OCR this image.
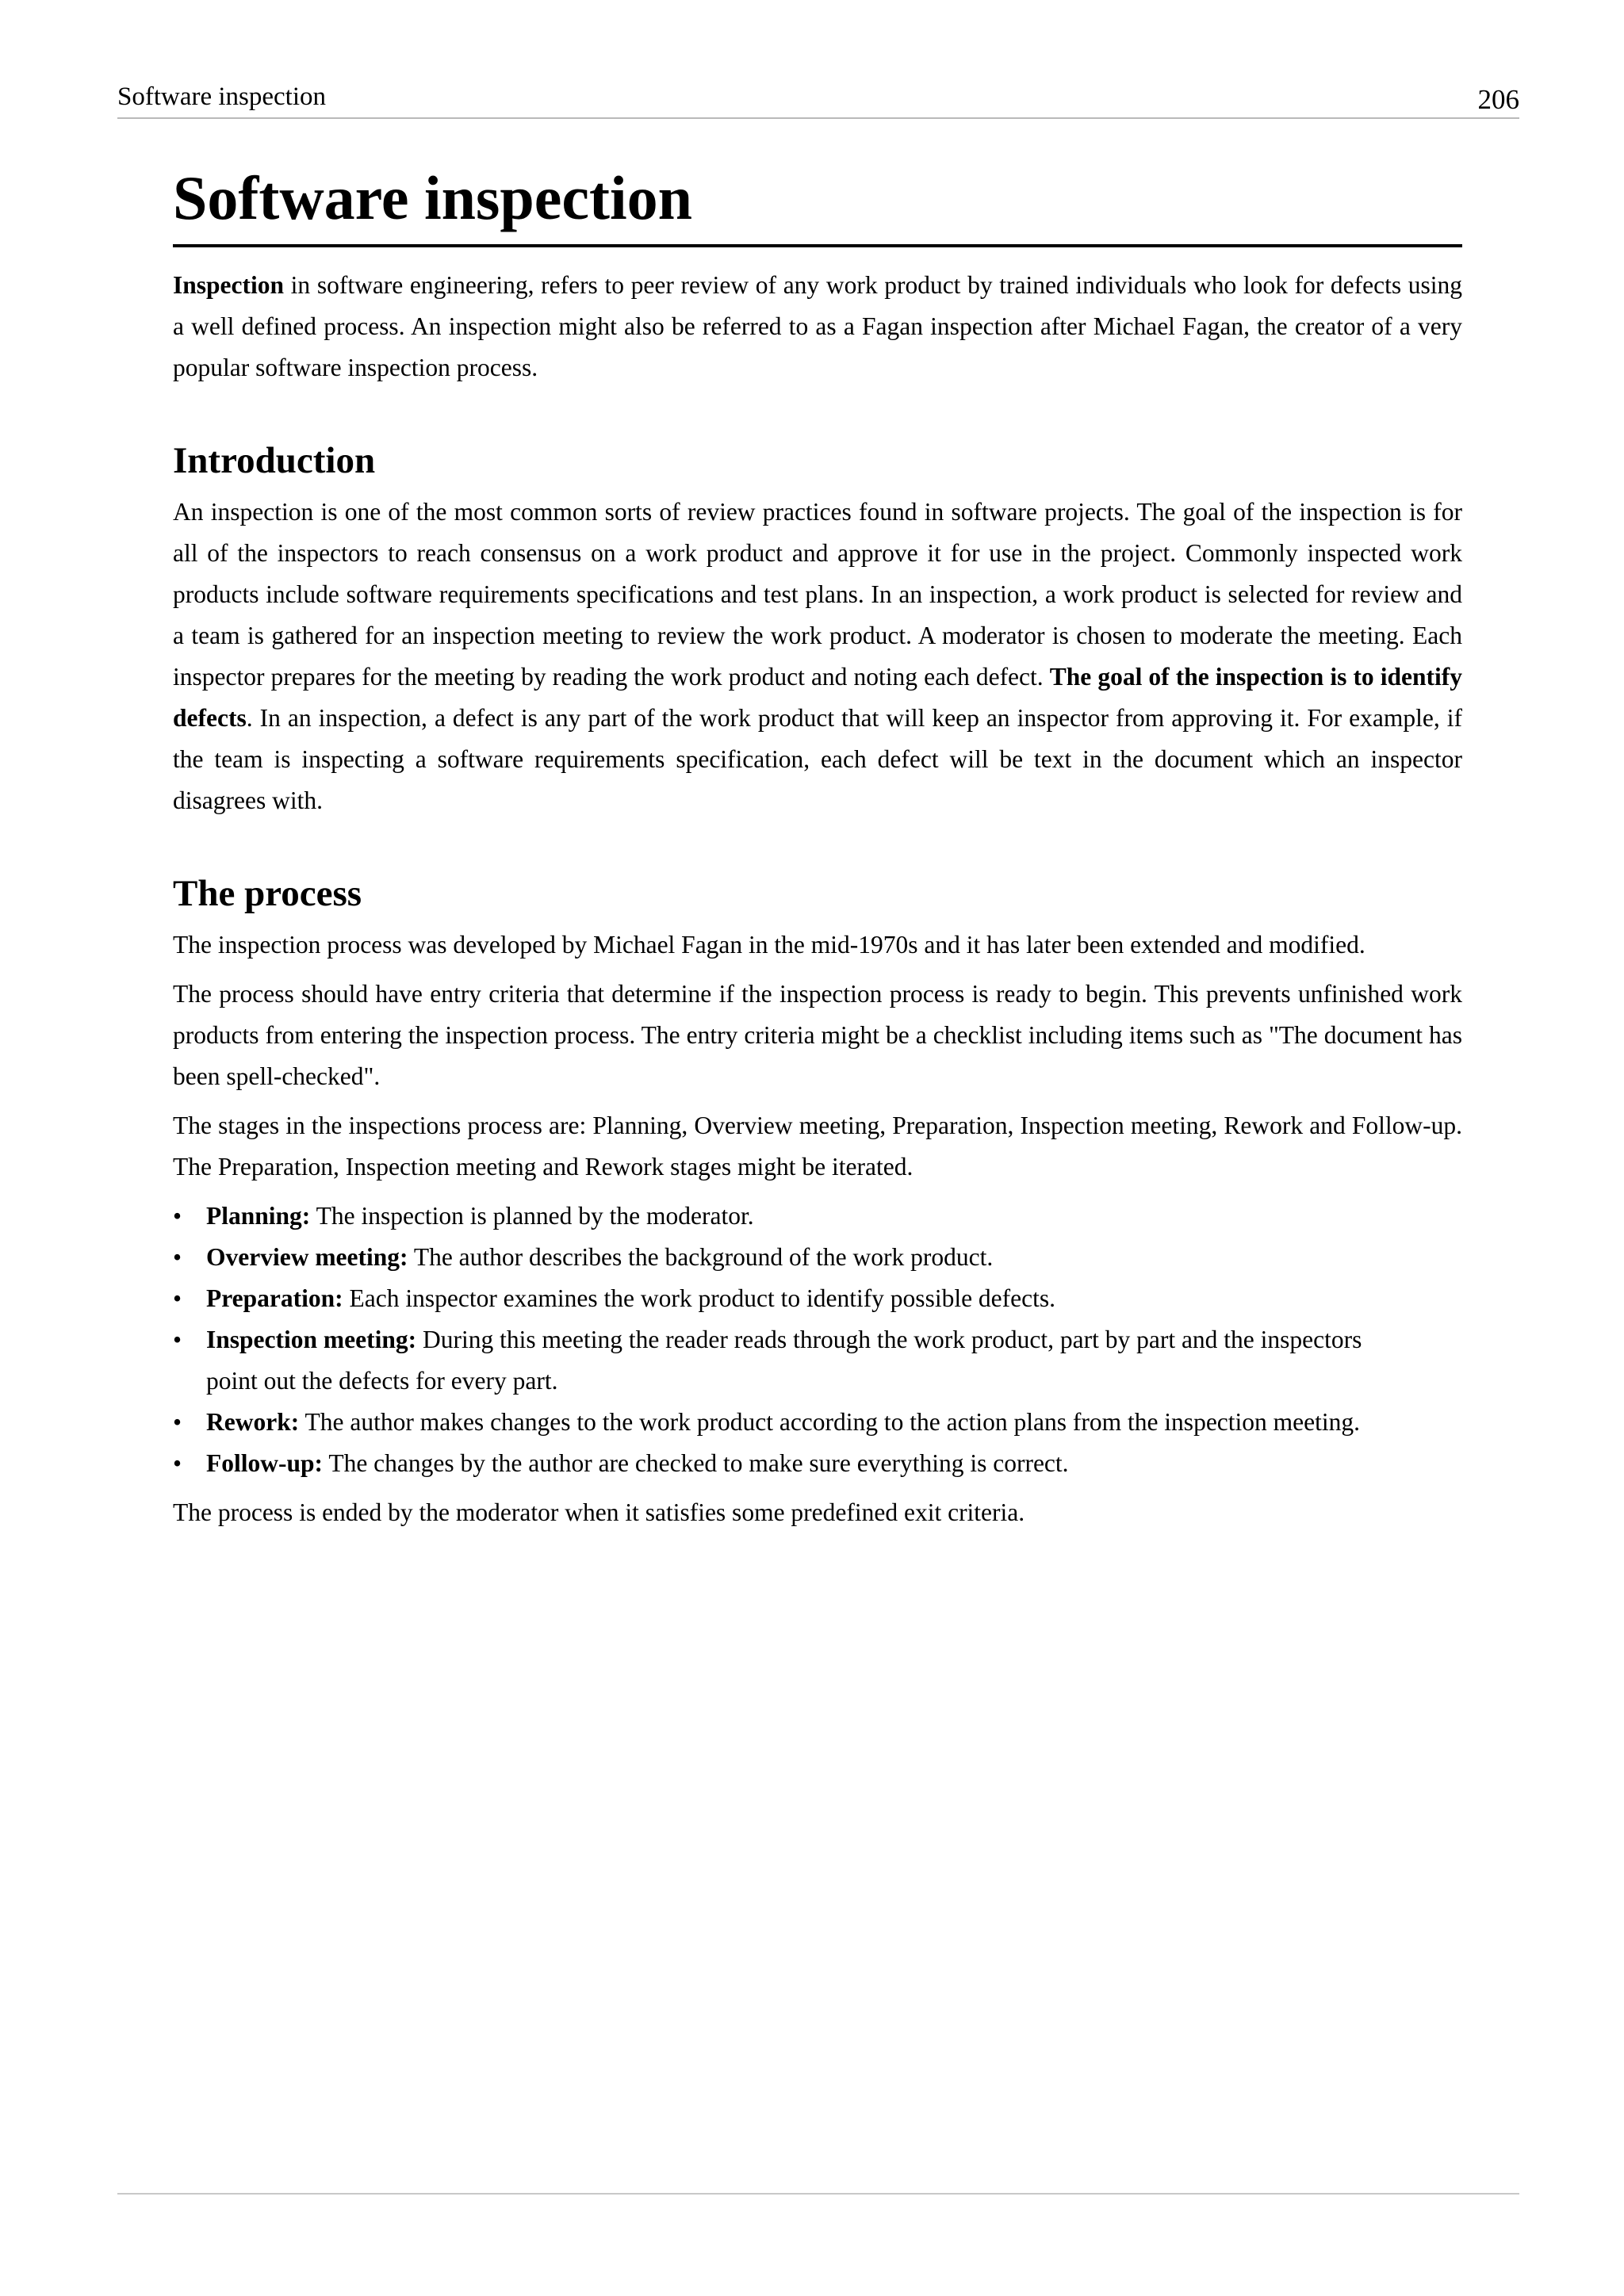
Software inspection	206
Software inspection

Inspection in software engineering, refers to peer review of any work product by trained individuals who look for defects using a well defined process. An inspection might also be referred to as a Fagan inspection after Michael Fagan, the creator of a very popular software inspection process.

Introduction

An inspection is one of the most common sorts of review practices found in software projects. The goal of the inspection is for all of the inspectors to reach consensus on a work product and approve it for use in the project. Commonly inspected work products include software requirements specifications and test plans. In an inspection, a work product is selected for review and a team is gathered for an inspection meeting to review the work product. A moderator is chosen to moderate the meeting. Each inspector prepares for the meeting by reading the work product and noting each defect. The goal of the inspection is to identify defects. In an inspection, a defect is any part of the work product that will keep an inspector from approving it. For example, if the team is inspecting a software requirements specification, each defect will be text in the document which an inspector disagrees with.

The process

The inspection process was developed by Michael Fagan in the mid-1970s and it has later been extended and modified.

The process should have entry criteria that determine if the inspection process is ready to begin. This prevents unfinished work products from entering the inspection process. The entry criteria might be a checklist including items such as "The document has been spell-checked".

The stages in the inspections process are: Planning, Overview meeting, Preparation, Inspection meeting, Rework and Follow-up. The Preparation, Inspection meeting and Rework stages might be iterated.

• Planning: The inspection is planned by the moderator.
• Overview meeting: The author describes the background of the work product.
• Preparation: Each inspector examines the work product to identify possible defects.
• Inspection meeting: During this meeting the reader reads through the work product, part by part and the inspectors point out the defects for every part.
• Rework: The author makes changes to the work product according to the action plans from the inspection meeting.
• Follow-up: The changes by the author are checked to make sure everything is correct.

The process is ended by the moderator when it satisfies some predefined exit criteria.
